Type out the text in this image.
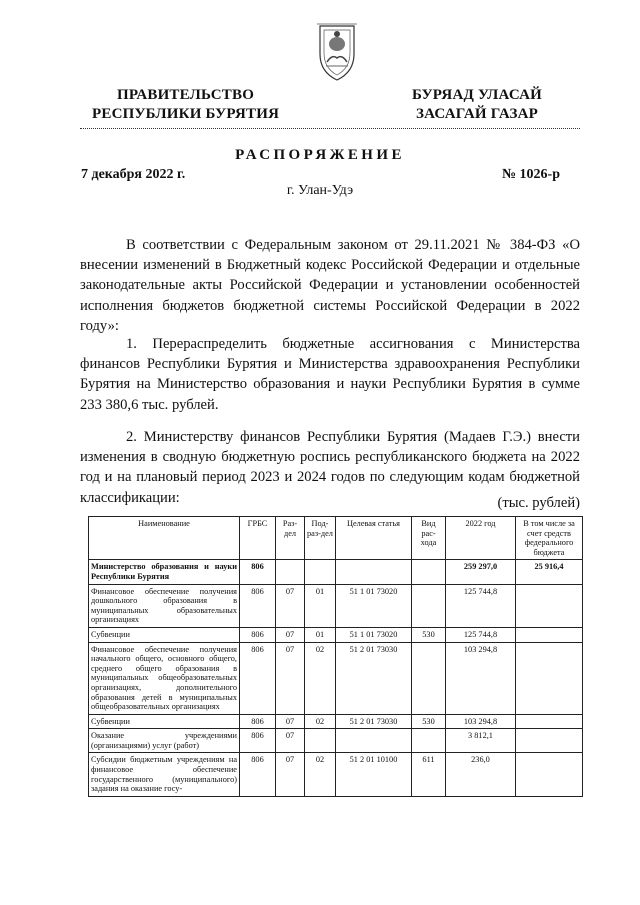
ПРАВИТЕЛЬСТВО
РЕСПУБЛИКИ БУРЯТИЯ
БУРЯАД УЛАСАЙ
ЗАСАГАЙ ГАЗАР
РАСПОРЯЖЕНИЕ
7 декабря 2022 г.	№ 1026-р
г. Улан-Удэ
В соответствии с Федеральным законом от 29.11.2021 № 384-ФЗ «О внесении изменений в Бюджетный кодекс Российской Федерации и отдельные законодательные акты Российской Федерации и установлении особенностей исполнения бюджетов бюджетной системы Российской Федерации в 2022 году»:
1. Перераспределить бюджетные ассигнования с Министерства финансов Республики Бурятия и Министерства здравоохранения Республики Бурятия на Министерство образования и науки Республики Бурятия в сумме 233 380,6 тыс. рублей.
2. Министерству финансов Республики Бурятия (Мадаев Г.Э.) внести изменения в сводную бюджетную роспись республиканского бюджета на 2022 год и на плановый период 2023 и 2024 годов по следующим кодам бюджетной классификации:	(тыс. рублей)
Наименование	ГРБС	Раз-дел	Под-раз-дел	Целевая статья	Вид рас-хода	2022 год	В том числе за счет средств федерального бюджета
Министерство образования и науки Республики Бурятия	806					259 297,0	25 916,4
Финансовое обеспечение получения дошкольного образования в муниципальных образовательных организациях	806	07	01	51 1 01 73020		125 744,8	
Субвенции	806	07	01	51 1 01 73020	530	125 744,8	
Финансовое обеспечение получения начального общего, основного общего, среднего общего образования в муниципальных общеобразовательных организациях, дополнительного образования детей в муниципальных общеобразовательных организациях	806	07	02	51 2 01 73030		103 294,8	
Субвенции	806	07	02	51 2 01 73030	530	103 294,8	
Оказание учреждениями (организациями) услуг (работ)	806	07				3 812,1	
Субсидии бюджетным учреждениям на финансовое обеспечение государственного (муниципального) задания на оказание госу-	806	07	02	51 2 01 10100	611	236,0	
